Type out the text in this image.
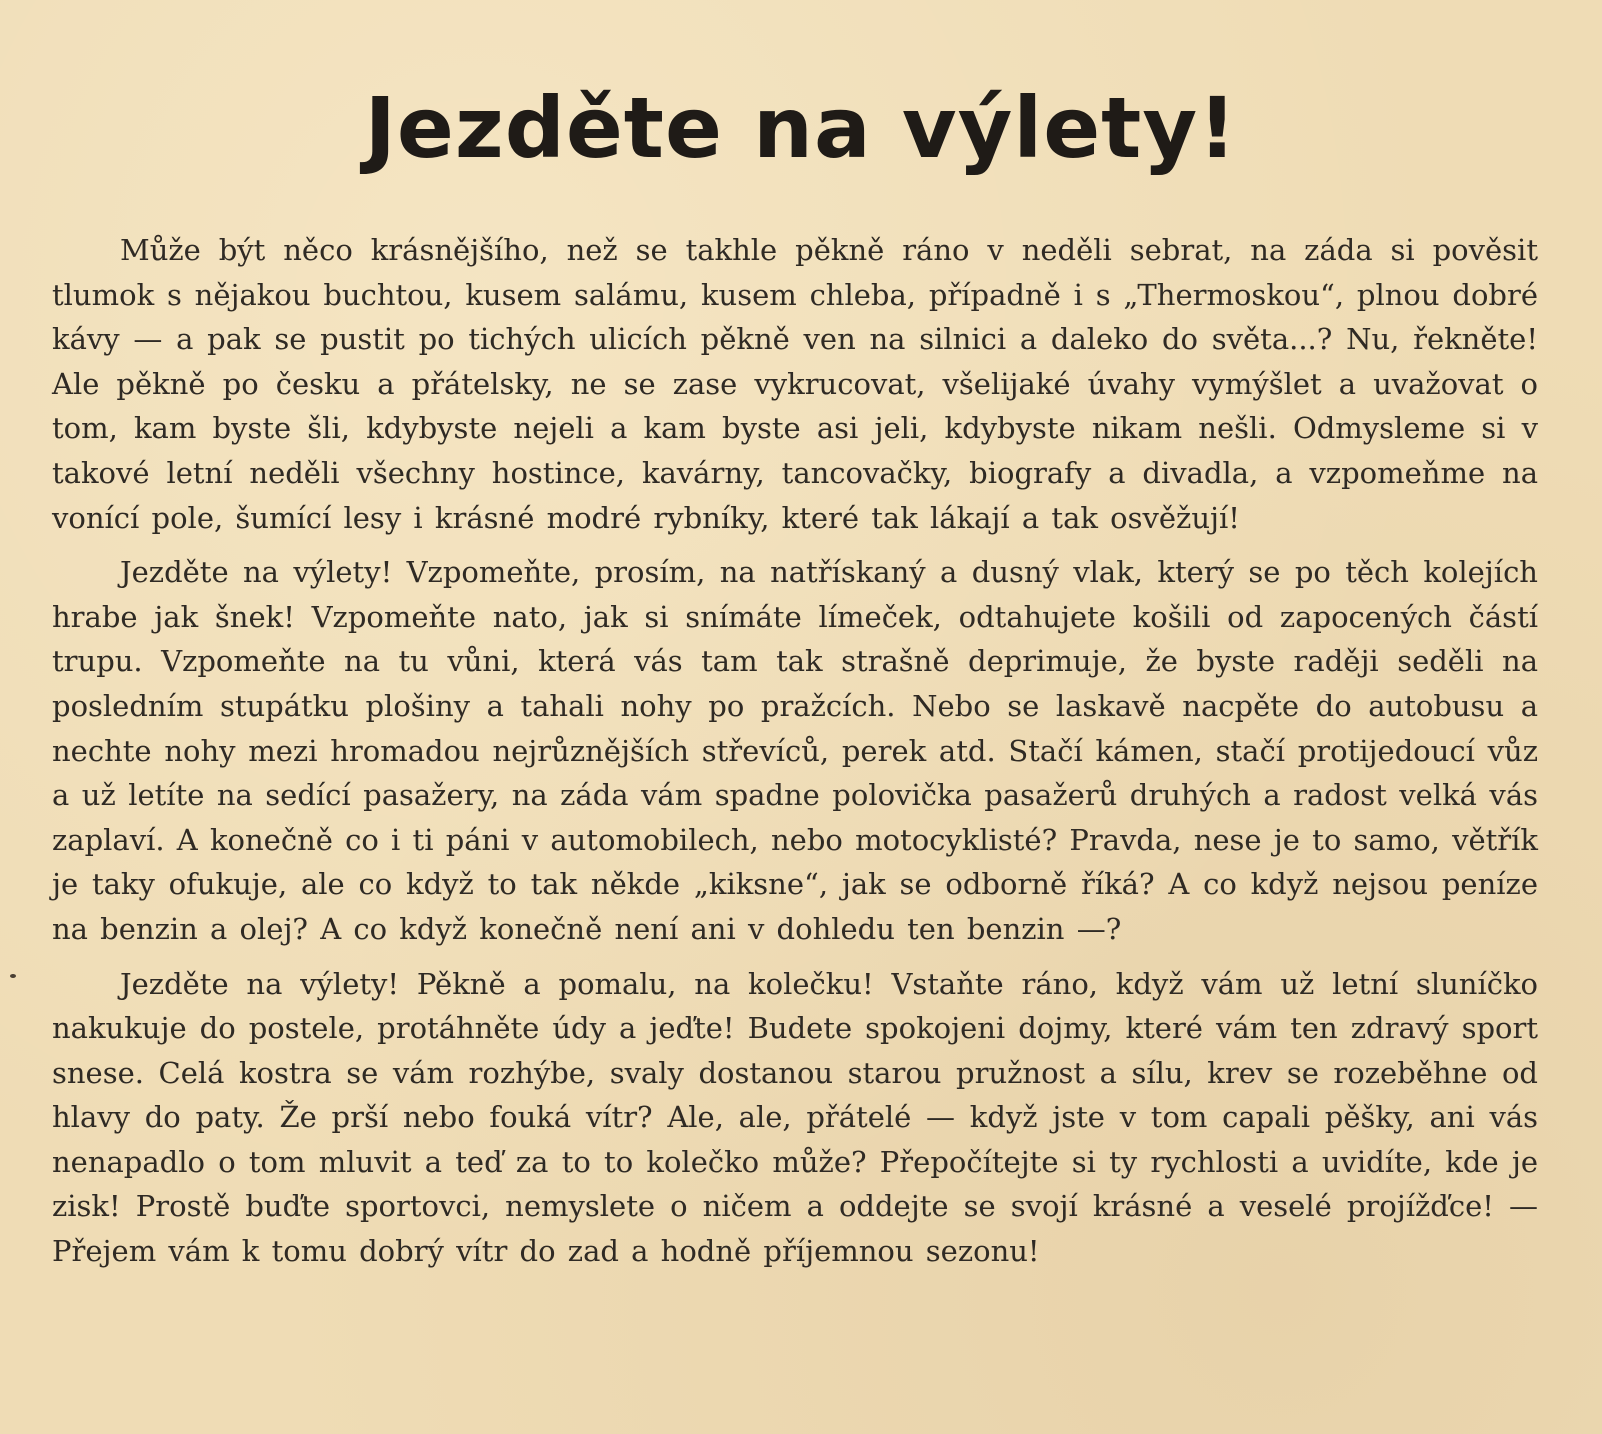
Jezděte na výlety!

Může být něco krásnějšího, než se takhle pěkně ráno v neděli sebrat, na záda si pověsit tlumok s nějakou buchtou, kusem salámu, kusem chleba, případně i s „Thermoskou“, plnou dobré kávy — a pak se pustit po tichých ulicích pěkně ven na silnici a daleko do světa...? Nu, řekněte! Ale pěkně po česku a přátelsky, ne se zase vykrucovat, všelijaké úvahy vymýšlet a uvažovat o tom, kam byste šli, kdybyste nejeli a kam byste asi jeli, kdybyste nikam nešli. Odmysleme si v takové letní neděli všechny hostince, kavárny, tancovačky, biografy a divadla, a vzpomeňme na vonící pole, šumící lesy i krásné modré rybníky, které tak lákají a tak osvěžují!

Jezděte na výlety! Vzpomeňte, prosím, na natřískaný a dusný vlak, který se po těch kolejích hrabe jak šnek! Vzpomeňte nato, jak si snímáte límeček, odtahujete košili od zapocených částí trupu. Vzpomeňte na tu vůni, která vás tam tak strašně deprimuje, že byste raději seděli na posledním stupátku plošiny a tahali nohy po pražcích. Nebo se laskavě nacpěte do autobusu a nechte nohy mezi hromadou nejrůznějších střevíců, perek atd. Stačí kámen, stačí protijedoucí vůz a už letíte na sedící pasažery, na záda vám spadne polovička pasažerů druhých a radost velká vás zaplaví. A konečně co i ti páni v automobilech, nebo motocyklisté? Pravda, nese je to samo, větřík je taky ofukuje, ale co když to tak někde „kiksne“, jak se odborně říká? A co když nejsou peníze na benzin a olej? A co když konečně není ani v dohledu ten benzin —?

Jezděte na výlety! Pěkně a pomalu, na kolečku! Vstaňte ráno, když vám už letní sluníčko nakukuje do postele, protáhněte údy a jeďte! Budete spokojeni dojmy, které vám ten zdravý sport snese. Celá kostra se vám rozhýbe, svaly dostanou starou pružnost a sílu, krev se rozeběhne od hlavy do paty. Že prší nebo fouká vítr? Ale, ale, přátelé — když jste v tom capali pěšky, ani vás nenapadlo o tom mluvit a teď za to to kolečko může? Přepočítejte si ty rychlosti a uvidíte, kde je zisk! Prostě buďte sportovci, nemyslete o ničem a oddejte se svojí krásné a veselé projížďce! — Přejem vám k tomu dobrý vítr do zad a hodně příjemnou sezonu!
